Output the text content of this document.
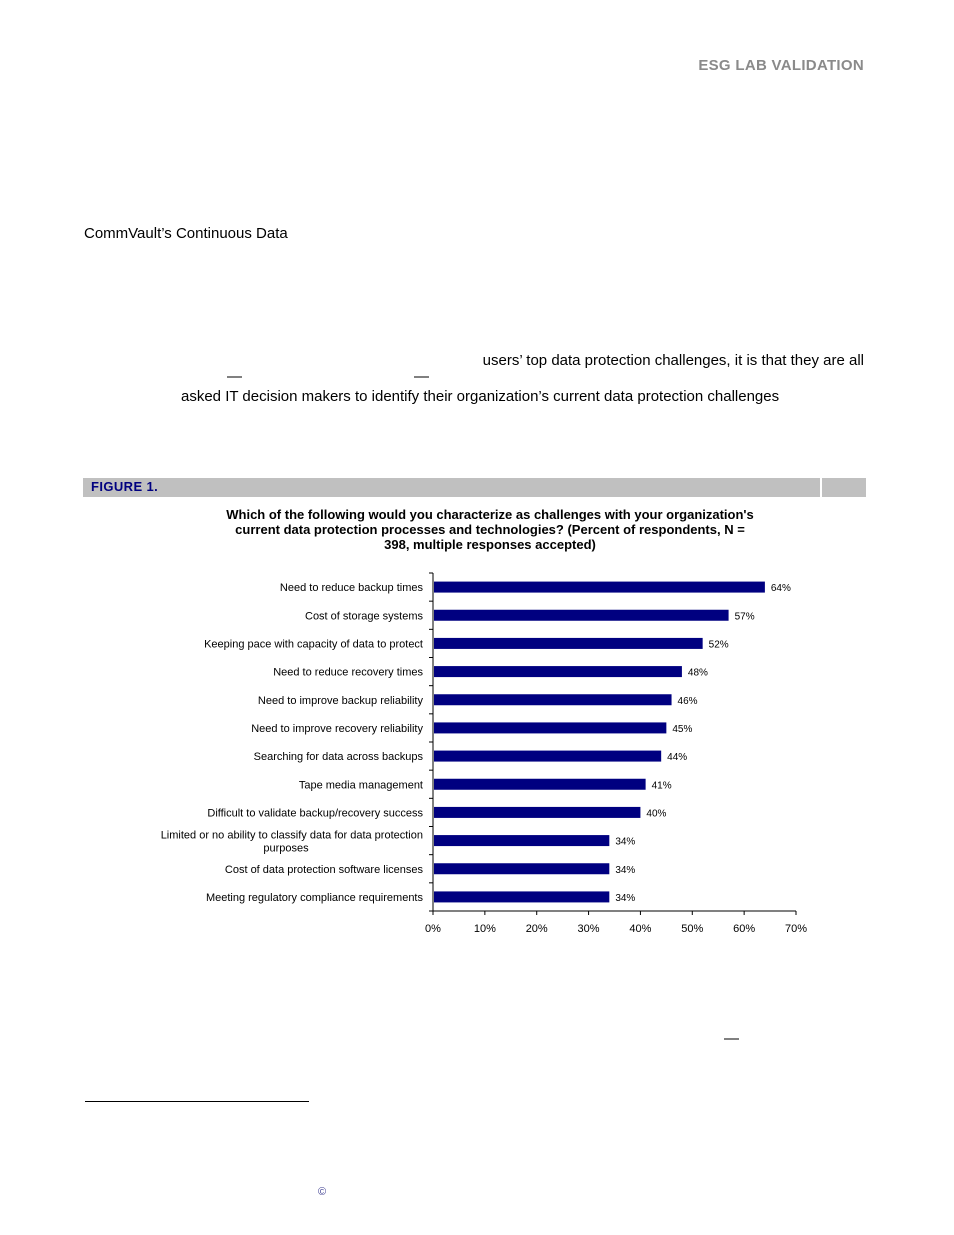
ESG LAB VALIDATION
CommVault’s Continuous Data
users’ top data protection challenges, it is that they are all
—	—
asked IT decision makers to identify their organization’s current data protection challenges
FIGURE 1.
Which of the following would you characterize as challenges with your organization's
current data protection processes and technologies? (Percent of respondents, N =
398, multiple responses accepted)
0%	10%	20%	30%	40%	50%	60%	70%
64%
Need to reduce backup times
57%
Cost of storage systems
52%
Keeping pace with capacity of data to protect
48%
Need to reduce recovery times
46%
Need to improve backup reliability
45%
Need to improve recovery reliability
44%
Searching for data across backups
41%
Tape media management
40%
Difficult to validate backup/recovery success
34%
Limited or no ability to classify data for data protection
purposes
34%
Cost of data protection software licenses
34%
Meeting regulatory compliance requirements
—
©
